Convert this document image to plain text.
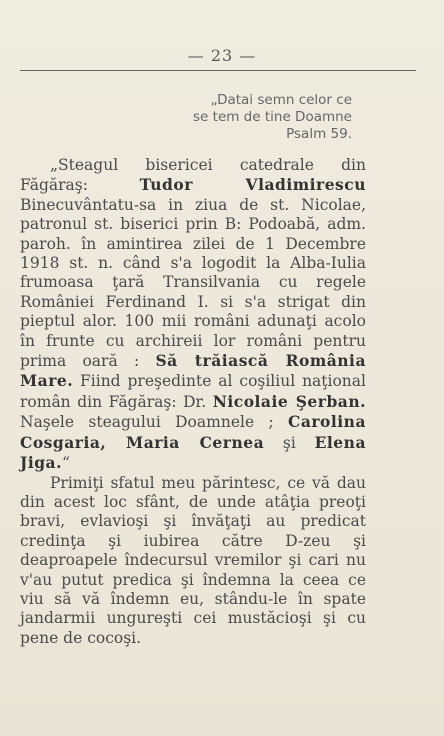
— 23 —
„Datai semn celor ce
se tem de tine Doamne
Psalm 59.

„Steagul bisericei catedrale din Făgăraş: Tudor Vladimirescu Binecuvântatu-sa in ziua de st. Nicolae, patronul st. biserici prin B: Podoabă, adm. paroh. în amintirea zilei de 1 Decembre 1918 st. n. când s'a logodit la Alba-Iulia frumoasa ţară Transilvania cu regele României Ferdinand I. si s'a strigat din pieptul alor. 100 mii români adunaţi acolo în frunte cu archireii lor români pentru prima oară : Să trăiască România Mare. Fiind preşedinte al coşiliul naţional român din Făgăraş: Dr. Nicolaie Şerban. Naşele steagului Doamnele ; Carolina Cosgaria, Maria Cernea şi Elena Jiga.“

Primiţi sfatul meu părintesc, ce vă dau din acest loc sfânt, de unde atâţia preoţi bravi, evlavioşi şi învăţaţi au predicat credinţa şi iubirea către D-zeu şi deaproapele îndecursul vremilor şi cari nu v'au putut predica şi îndemna la ceea ce viu să vă îndemn eu, stându-le în spate jandarmii ungureşti cei mustăcioşi şi cu pene de cocoşi.
